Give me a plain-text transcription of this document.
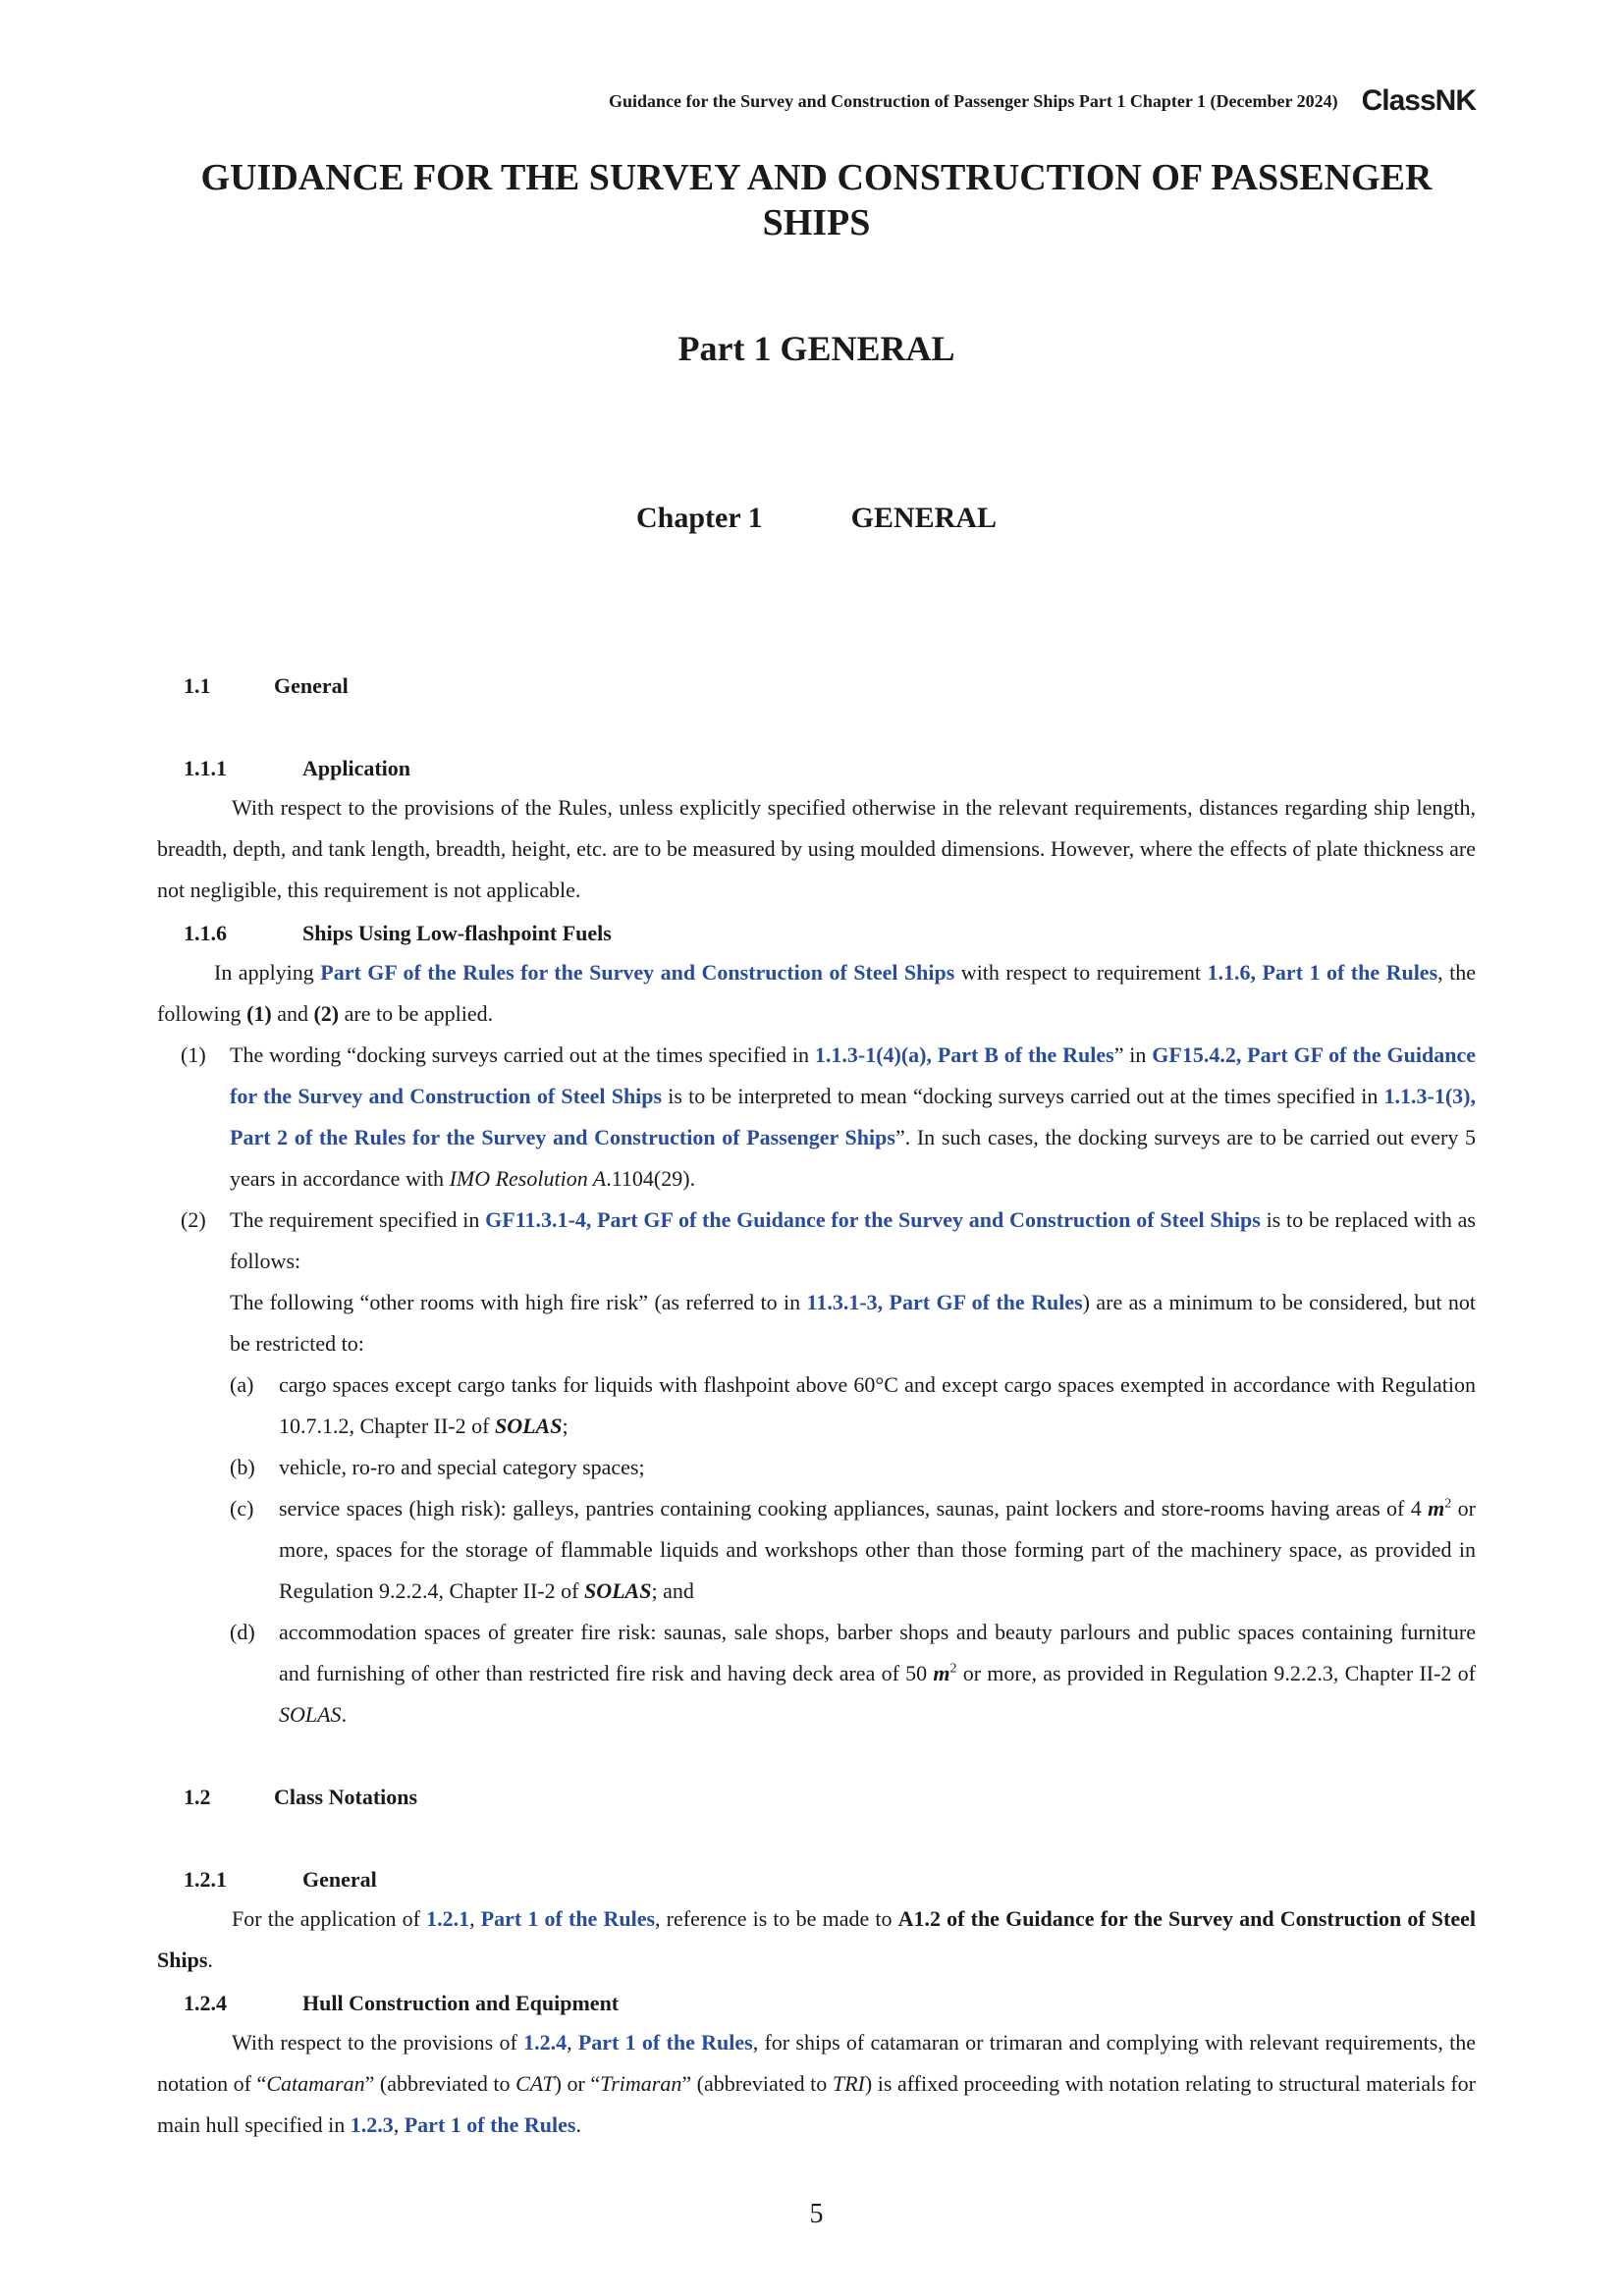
Guidance for the Survey and Construction of Passenger Ships Part 1 Chapter 1 (December 2024) ClassNK
GUIDANCE FOR THE SURVEY AND CONSTRUCTION OF PASSENGER
SHIPS
Part 1 GENERAL
Chapter 1	GENERAL
1.1	General
1.1.1	Application
With respect to the provisions of the Rules, unless explicitly specified otherwise in the relevant requirements, distances regarding ship length, breadth, depth, and tank length, breadth, height, etc. are to be measured by using moulded dimensions. However, where the effects of plate thickness are not negligible, this requirement is not applicable.
1.1.6	Ships Using Low-flashpoint Fuels
In applying Part GF of the Rules for the Survey and Construction of Steel Ships with respect to requirement 1.1.6, Part 1 of the Rules, the following (1) and (2) are to be applied.
(1) The wording “docking surveys carried out at the times specified in 1.1.3-1(4)(a), Part B of the Rules” in GF15.4.2, Part GF of the Guidance for the Survey and Construction of Steel Ships is to be interpreted to mean “docking surveys carried out at the times specified in 1.1.3-1(3), Part 2 of the Rules for the Survey and Construction of Passenger Ships”. In such cases, the docking surveys are to be carried out every 5 years in accordance with IMO Resolution A.1104(29).
(2) The requirement specified in GF11.3.1-4, Part GF of the Guidance for the Survey and Construction of Steel Ships is to be replaced with as follows:
The following “other rooms with high fire risk” (as referred to in 11.3.1-3, Part GF of the Rules) are as a minimum to be considered, but not be restricted to:
(a) cargo spaces except cargo tanks for liquids with flashpoint above 60°C and except cargo spaces exempted in accordance with Regulation 10.7.1.2, Chapter II-2 of SOLAS;
(b) vehicle, ro-ro and special category spaces;
(c) service spaces (high risk): galleys, pantries containing cooking appliances, saunas, paint lockers and store-rooms having areas of 4 $m^2$ or more, spaces for the storage of flammable liquids and workshops other than those forming part of the machinery space, as provided in Regulation 9.2.2.4, Chapter II-2 of SOLAS; and
(d) accommodation spaces of greater fire risk: saunas, sale shops, barber shops and beauty parlours and public spaces containing furniture and furnishing of other than restricted fire risk and having deck area of 50 $m^2$ or more, as provided in Regulation 9.2.2.3, Chapter II-2 of SOLAS.
1.2	Class Notations
1.2.1	General
For the application of 1.2.1, Part 1 of the Rules, reference is to be made to A1.2 of the Guidance for the Survey and Construction of Steel Ships.
1.2.4	Hull Construction and Equipment
With respect to the provisions of 1.2.4, Part 1 of the Rules, for ships of catamaran or trimaran and complying with relevant requirements, the notation of “Catamaran” (abbreviated to CAT) or “Trimaran” (abbreviated to TRI) is affixed proceeding with notation relating to structural materials for main hull specified in 1.2.3, Part 1 of the Rules.
5
